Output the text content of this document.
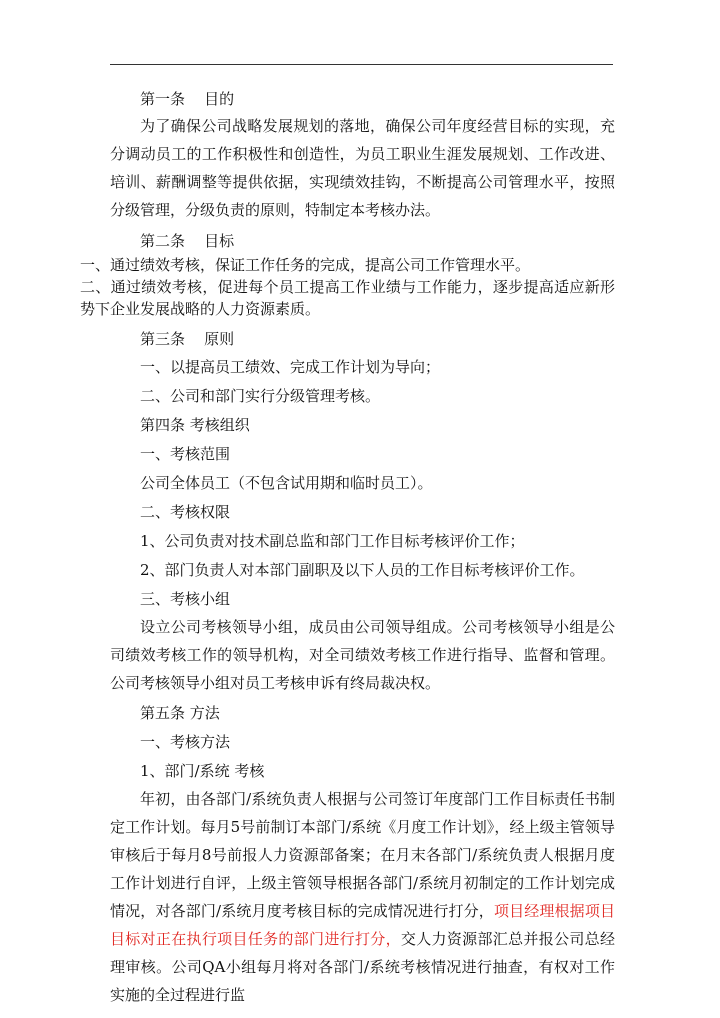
第一条    目的

为了确保公司战略发展规划的落地，确保公司年度经营目标的实现，充分调动员工的工作积极性和创造性，为员工职业生涯发展规划、工作改进、培训、薪酬调整等提供依据，实现绩效挂钩，不断提高公司管理水平，按照分级管理，分级负责的原则，特制定本考核办法。

第二条    目标

一、通过绩效考核，保证工作任务的完成，提高公司工作管理水平。

二、通过绩效考核，促进每个员工提高工作业绩与工作能力，逐步提高适应新形势下企业发展战略的人力资源素质。

第三条    原则

一、以提高员工绩效、完成工作计划为导向；

二、公司和部门实行分级管理考核。

第四条 考核组织

一、考核范围

公司全体员工（不包含试用期和临时员工）。

二、考核权限

1、公司负责对技术副总监和部门工作目标考核评价工作；

2、部门负责人对本部门副职及以下人员的工作目标考核评价工作。

三、考核小组

设立公司考核领导小组，成员由公司领导组成。公司考核领导小组是公司绩效考核工作的领导机构，对全司绩效考核工作进行指导、监督和管理。公司考核领导小组对员工考核申诉有终局裁决权。

第五条 方法

一、考核方法

1、部门/系统 考核

年初，由各部门/系统负责人根据与公司签订年度部门工作目标责任书制定工作计划。每月5号前制订本部门/系统《月度工作计划》，经上级主管领导审核后于每月8号前报人力资源部备案；在月末各部门/系统负责人根据月度工作计划进行自评，上级主管领导根据各部门/系统月初制定的工作计划完成情况，对各部门/系统月度考核目标的完成情况进行打分，项目经理根据项目目标对正在执行项目任务的部门进行打分，交人力资源部汇总并报公司总经理审核。公司QA小组每月将对各部门/系统考核情况进行抽查，有权对工作实施的全过程进行监
